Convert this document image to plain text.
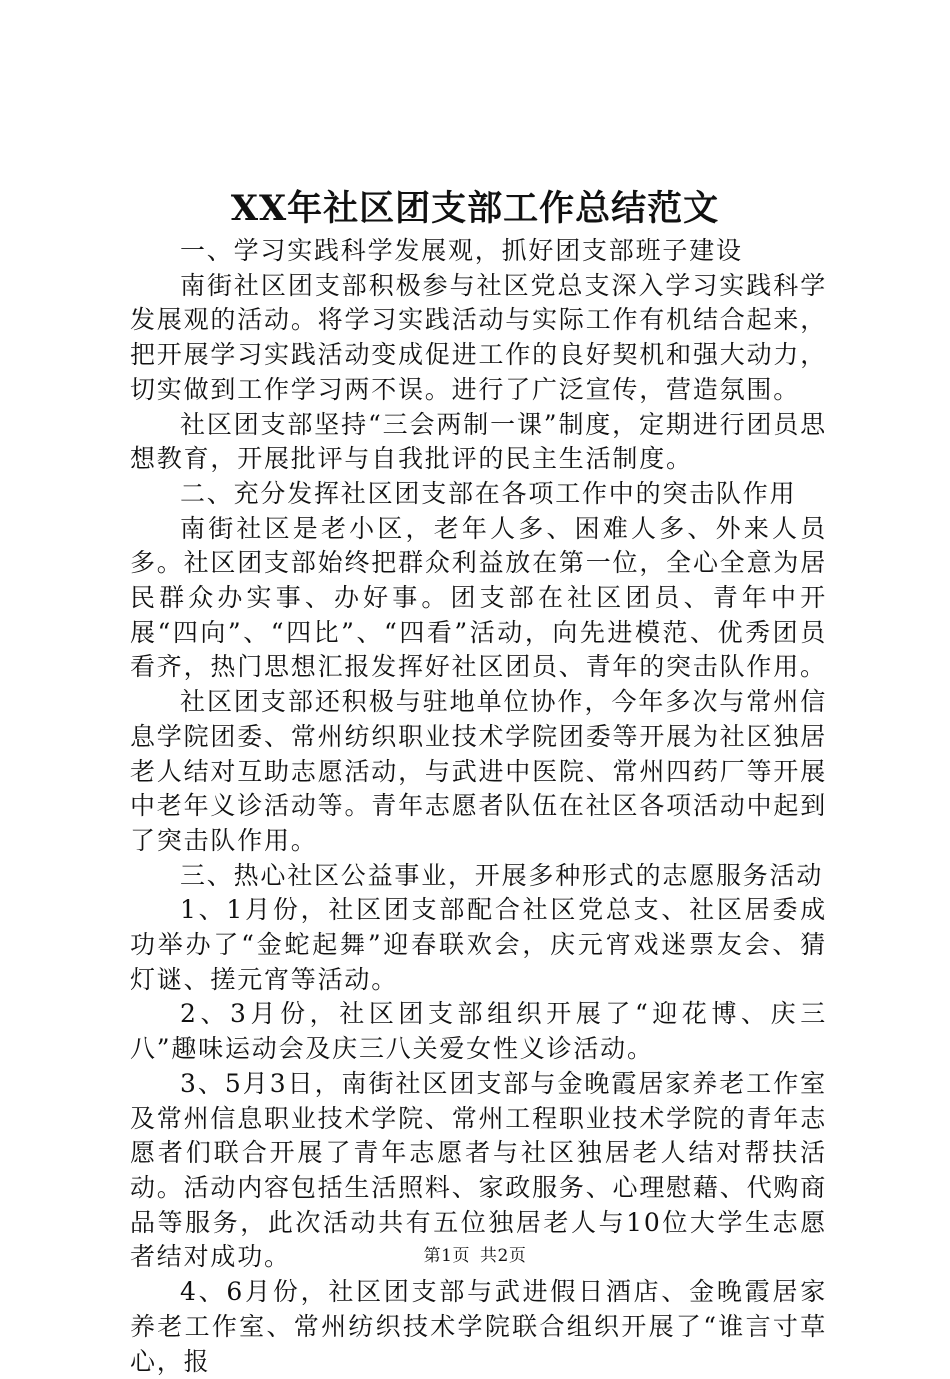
XX年社区团支部工作总结范文

一、学习实践科学发展观，抓好团支部班子建设

南街社区团支部积极参与社区党总支深入学习实践科学发展观的活动。将学习实践活动与实际工作有机结合起来，把开展学习实践活动变成促进工作的良好契机和强大动力，切实做到工作学习两不误。进行了广泛宣传，营造氛围。

社区团支部坚持“三会两制一课”制度，定期进行团员思想教育，开展批评与自我批评的民主生活制度。

二、充分发挥社区团支部在各项工作中的突击队作用

南街社区是老小区，老年人多、困难人多、外来人员多。社区团支部始终把群众利益放在第一位，全心全意为居民群众办实事、办好事。团支部在社区团员、青年中开展“四向”、“四比”、“四看”活动，向先进模范、优秀团员看齐，热门思想汇报发挥好社区团员、青年的突击队作用。

社区团支部还积极与驻地单位协作，今年多次与常州信息学院团委、常州纺织职业技术学院团委等开展为社区独居老人结对互助志愿活动，与武进中医院、常州四药厂等开展中老年义诊活动等。青年志愿者队伍在社区各项活动中起到了突击队作用。

三、热心社区公益事业，开展多种形式的志愿服务活动

1、1月份，社区团支部配合社区党总支、社区居委成功举办了“金蛇起舞”迎春联欢会，庆元宵戏迷票友会、猜灯谜、搓元宵等活动。

2、3月份，社区团支部组织开展了“迎花博、庆三八”趣味运动会及庆三八关爱女性义诊活动。

3、5月3日，南街社区团支部与金晚霞居家养老工作室及常州信息职业技术学院、常州工程职业技术学院的青年志愿者们联合开展了青年志愿者与社区独居老人结对帮扶活动。活动内容包括生活照料、家政服务、心理慰藉、代购商品等服务，此次活动共有五位独居老人与10位大学生志愿者结对成功。

4、6月份，社区团支部与武进假日酒店、金晚霞居家养老工作室、常州纺织技术学院联合组织开展了“谁言寸草心，报

第1页 共2页
